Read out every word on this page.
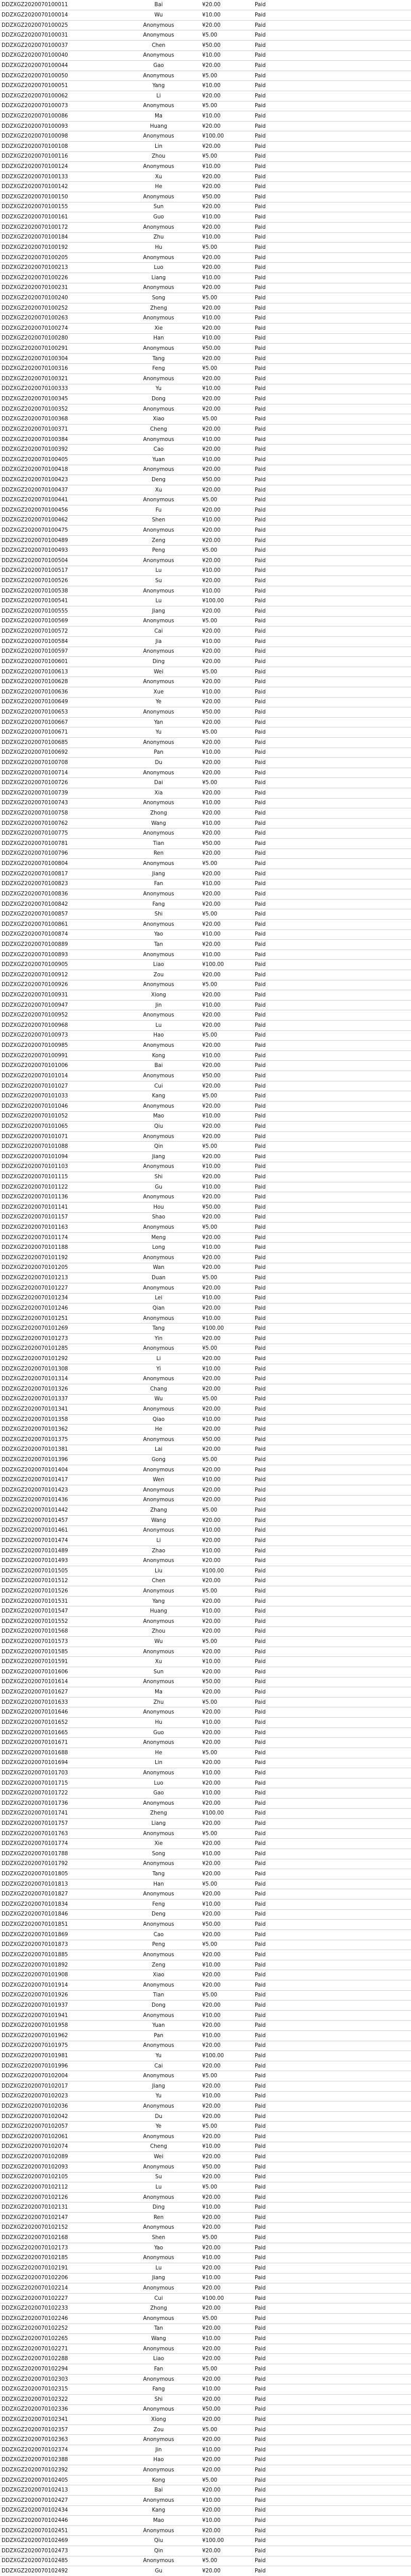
DDZXGZ2020070100011	Bai	¥20.00	Paid
DDZXGZ2020070100014	Wu	¥10.00	Paid
DDZXGZ2020070100025	Anonymous	¥20.00	Paid
DDZXGZ2020070100031	Anonymous	¥5.00	Paid
DDZXGZ2020070100037	Chen	¥50.00	Paid
DDZXGZ2020070100040	Anonymous	¥10.00	Paid
DDZXGZ2020070100044	Gao	¥20.00	Paid
DDZXGZ2020070100050	Anonymous	¥5.00	Paid
DDZXGZ2020070100051	Yang	¥10.00	Paid
DDZXGZ2020070100062	Li	¥20.00	Paid
DDZXGZ2020070100073	Anonymous	¥5.00	Paid
DDZXGZ2020070100086	Ma	¥10.00	Paid
DDZXGZ2020070100093	Huang	¥20.00	Paid
DDZXGZ2020070100098	Anonymous	¥100.00	Paid
DDZXGZ2020070100108	Lin	¥20.00	Paid
DDZXGZ2020070100116	Zhou	¥5.00	Paid
DDZXGZ2020070100124	Anonymous	¥10.00	Paid
DDZXGZ2020070100133	Xu	¥20.00	Paid
DDZXGZ2020070100142	He	¥20.00	Paid
DDZXGZ2020070100150	Anonymous	¥50.00	Paid
DDZXGZ2020070100155	Sun	¥20.00	Paid
DDZXGZ2020070100161	Guo	¥10.00	Paid
DDZXGZ2020070100172	Anonymous	¥20.00	Paid
DDZXGZ2020070100184	Zhu	¥10.00	Paid
DDZXGZ2020070100192	Hu	¥5.00	Paid
DDZXGZ2020070100205	Anonymous	¥20.00	Paid
DDZXGZ2020070100213	Luo	¥20.00	Paid
DDZXGZ2020070100226	Liang	¥10.00	Paid
DDZXGZ2020070100231	Anonymous	¥20.00	Paid
DDZXGZ2020070100240	Song	¥5.00	Paid
DDZXGZ2020070100252	Zheng	¥20.00	Paid
DDZXGZ2020070100263	Anonymous	¥10.00	Paid
DDZXGZ2020070100274	Xie	¥20.00	Paid
DDZXGZ2020070100280	Han	¥10.00	Paid
DDZXGZ2020070100291	Anonymous	¥50.00	Paid
DDZXGZ2020070100304	Tang	¥20.00	Paid
DDZXGZ2020070100316	Feng	¥5.00	Paid
DDZXGZ2020070100321	Anonymous	¥20.00	Paid
DDZXGZ2020070100333	Yu	¥10.00	Paid
DDZXGZ2020070100345	Dong	¥20.00	Paid
DDZXGZ2020070100352	Anonymous	¥20.00	Paid
DDZXGZ2020070100368	Xiao	¥5.00	Paid
DDZXGZ2020070100371	Cheng	¥20.00	Paid
DDZXGZ2020070100384	Anonymous	¥10.00	Paid
DDZXGZ2020070100392	Cao	¥20.00	Paid
DDZXGZ2020070100405	Yuan	¥10.00	Paid
DDZXGZ2020070100418	Anonymous	¥20.00	Paid
DDZXGZ2020070100423	Deng	¥50.00	Paid
DDZXGZ2020070100437	Xu	¥20.00	Paid
DDZXGZ2020070100441	Anonymous	¥5.00	Paid
DDZXGZ2020070100456	Fu	¥20.00	Paid
DDZXGZ2020070100462	Shen	¥10.00	Paid
DDZXGZ2020070100475	Anonymous	¥20.00	Paid
DDZXGZ2020070100489	Zeng	¥20.00	Paid
DDZXGZ2020070100493	Peng	¥5.00	Paid
DDZXGZ2020070100504	Anonymous	¥20.00	Paid
DDZXGZ2020070100517	Lu	¥10.00	Paid
DDZXGZ2020070100526	Su	¥20.00	Paid
DDZXGZ2020070100538	Anonymous	¥10.00	Paid
DDZXGZ2020070100541	Lu	¥100.00	Paid
DDZXGZ2020070100555	Jiang	¥20.00	Paid
DDZXGZ2020070100569	Anonymous	¥5.00	Paid
DDZXGZ2020070100572	Cai	¥20.00	Paid
DDZXGZ2020070100584	Jia	¥10.00	Paid
DDZXGZ2020070100597	Anonymous	¥20.00	Paid
DDZXGZ2020070100601	Ding	¥20.00	Paid
DDZXGZ2020070100613	Wei	¥5.00	Paid
DDZXGZ2020070100628	Anonymous	¥20.00	Paid
DDZXGZ2020070100636	Xue	¥10.00	Paid
DDZXGZ2020070100649	Ye	¥20.00	Paid
DDZXGZ2020070100653	Anonymous	¥50.00	Paid
DDZXGZ2020070100667	Yan	¥20.00	Paid
DDZXGZ2020070100671	Yu	¥5.00	Paid
DDZXGZ2020070100685	Anonymous	¥20.00	Paid
DDZXGZ2020070100692	Pan	¥10.00	Paid
DDZXGZ2020070100708	Du	¥20.00	Paid
DDZXGZ2020070100714	Anonymous	¥20.00	Paid
DDZXGZ2020070100726	Dai	¥5.00	Paid
DDZXGZ2020070100739	Xia	¥20.00	Paid
DDZXGZ2020070100743	Anonymous	¥10.00	Paid
DDZXGZ2020070100758	Zhong	¥20.00	Paid
DDZXGZ2020070100762	Wang	¥10.00	Paid
DDZXGZ2020070100775	Anonymous	¥20.00	Paid
DDZXGZ2020070100781	Tian	¥50.00	Paid
DDZXGZ2020070100796	Ren	¥20.00	Paid
DDZXGZ2020070100804	Anonymous	¥5.00	Paid
DDZXGZ2020070100817	Jiang	¥20.00	Paid
DDZXGZ2020070100823	Fan	¥10.00	Paid
DDZXGZ2020070100836	Anonymous	¥20.00	Paid
DDZXGZ2020070100842	Fang	¥20.00	Paid
DDZXGZ2020070100857	Shi	¥5.00	Paid
DDZXGZ2020070100861	Anonymous	¥20.00	Paid
DDZXGZ2020070100874	Yao	¥10.00	Paid
DDZXGZ2020070100889	Tan	¥20.00	Paid
DDZXGZ2020070100893	Anonymous	¥10.00	Paid
DDZXGZ2020070100905	Liao	¥100.00	Paid
DDZXGZ2020070100912	Zou	¥20.00	Paid
DDZXGZ2020070100926	Anonymous	¥5.00	Paid
DDZXGZ2020070100931	Xiong	¥20.00	Paid
DDZXGZ2020070100947	Jin	¥10.00	Paid
DDZXGZ2020070100952	Anonymous	¥20.00	Paid
DDZXGZ2020070100968	Lu	¥20.00	Paid
DDZXGZ2020070100973	Hao	¥5.00	Paid
DDZXGZ2020070100985	Anonymous	¥20.00	Paid
DDZXGZ2020070100991	Kong	¥10.00	Paid
DDZXGZ2020070101006	Bai	¥20.00	Paid
DDZXGZ2020070101014	Anonymous	¥50.00	Paid
DDZXGZ2020070101027	Cui	¥20.00	Paid
DDZXGZ2020070101033	Kang	¥5.00	Paid
DDZXGZ2020070101046	Anonymous	¥20.00	Paid
DDZXGZ2020070101052	Mao	¥10.00	Paid
DDZXGZ2020070101065	Qiu	¥20.00	Paid
DDZXGZ2020070101071	Anonymous	¥20.00	Paid
DDZXGZ2020070101088	Qin	¥5.00	Paid
DDZXGZ2020070101094	Jiang	¥20.00	Paid
DDZXGZ2020070101103	Anonymous	¥10.00	Paid
DDZXGZ2020070101115	Shi	¥20.00	Paid
DDZXGZ2020070101122	Gu	¥10.00	Paid
DDZXGZ2020070101136	Anonymous	¥20.00	Paid
DDZXGZ2020070101141	Hou	¥50.00	Paid
DDZXGZ2020070101157	Shao	¥20.00	Paid
DDZXGZ2020070101163	Anonymous	¥5.00	Paid
DDZXGZ2020070101174	Meng	¥20.00	Paid
DDZXGZ2020070101188	Long	¥10.00	Paid
DDZXGZ2020070101192	Anonymous	¥20.00	Paid
DDZXGZ2020070101205	Wan	¥20.00	Paid
DDZXGZ2020070101213	Duan	¥5.00	Paid
DDZXGZ2020070101227	Anonymous	¥20.00	Paid
DDZXGZ2020070101234	Lei	¥10.00	Paid
DDZXGZ2020070101246	Qian	¥20.00	Paid
DDZXGZ2020070101251	Anonymous	¥10.00	Paid
DDZXGZ2020070101269	Tang	¥100.00	Paid
DDZXGZ2020070101273	Yin	¥20.00	Paid
DDZXGZ2020070101285	Anonymous	¥5.00	Paid
DDZXGZ2020070101292	Li	¥20.00	Paid
DDZXGZ2020070101308	Yi	¥10.00	Paid
DDZXGZ2020070101314	Anonymous	¥20.00	Paid
DDZXGZ2020070101326	Chang	¥20.00	Paid
DDZXGZ2020070101337	Wu	¥5.00	Paid
DDZXGZ2020070101341	Anonymous	¥20.00	Paid
DDZXGZ2020070101358	Qiao	¥10.00	Paid
DDZXGZ2020070101362	He	¥20.00	Paid
DDZXGZ2020070101375	Anonymous	¥50.00	Paid
DDZXGZ2020070101381	Lai	¥20.00	Paid
DDZXGZ2020070101396	Gong	¥5.00	Paid
DDZXGZ2020070101404	Anonymous	¥20.00	Paid
DDZXGZ2020070101417	Wen	¥10.00	Paid
DDZXGZ2020070101423	Anonymous	¥20.00	Paid
DDZXGZ2020070101436	Anonymous	¥20.00	Paid
DDZXGZ2020070101442	Zhang	¥5.00	Paid
DDZXGZ2020070101457	Wang	¥20.00	Paid
DDZXGZ2020070101461	Anonymous	¥10.00	Paid
DDZXGZ2020070101474	Li	¥20.00	Paid
DDZXGZ2020070101489	Zhao	¥10.00	Paid
DDZXGZ2020070101493	Anonymous	¥20.00	Paid
DDZXGZ2020070101505	Liu	¥100.00	Paid
DDZXGZ2020070101512	Chen	¥20.00	Paid
DDZXGZ2020070101526	Anonymous	¥5.00	Paid
DDZXGZ2020070101531	Yang	¥20.00	Paid
DDZXGZ2020070101547	Huang	¥10.00	Paid
DDZXGZ2020070101552	Anonymous	¥20.00	Paid
DDZXGZ2020070101568	Zhou	¥20.00	Paid
DDZXGZ2020070101573	Wu	¥5.00	Paid
DDZXGZ2020070101585	Anonymous	¥20.00	Paid
DDZXGZ2020070101591	Xu	¥10.00	Paid
DDZXGZ2020070101606	Sun	¥20.00	Paid
DDZXGZ2020070101614	Anonymous	¥50.00	Paid
DDZXGZ2020070101627	Ma	¥20.00	Paid
DDZXGZ2020070101633	Zhu	¥5.00	Paid
DDZXGZ2020070101646	Anonymous	¥20.00	Paid
DDZXGZ2020070101652	Hu	¥10.00	Paid
DDZXGZ2020070101665	Guo	¥20.00	Paid
DDZXGZ2020070101671	Anonymous	¥20.00	Paid
DDZXGZ2020070101688	He	¥5.00	Paid
DDZXGZ2020070101694	Lin	¥20.00	Paid
DDZXGZ2020070101703	Anonymous	¥10.00	Paid
DDZXGZ2020070101715	Luo	¥20.00	Paid
DDZXGZ2020070101722	Gao	¥10.00	Paid
DDZXGZ2020070101736	Anonymous	¥20.00	Paid
DDZXGZ2020070101741	Zheng	¥100.00	Paid
DDZXGZ2020070101757	Liang	¥20.00	Paid
DDZXGZ2020070101763	Anonymous	¥5.00	Paid
DDZXGZ2020070101774	Xie	¥20.00	Paid
DDZXGZ2020070101788	Song	¥10.00	Paid
DDZXGZ2020070101792	Anonymous	¥20.00	Paid
DDZXGZ2020070101805	Tang	¥20.00	Paid
DDZXGZ2020070101813	Han	¥5.00	Paid
DDZXGZ2020070101827	Anonymous	¥20.00	Paid
DDZXGZ2020070101834	Feng	¥10.00	Paid
DDZXGZ2020070101846	Deng	¥20.00	Paid
DDZXGZ2020070101851	Anonymous	¥50.00	Paid
DDZXGZ2020070101869	Cao	¥20.00	Paid
DDZXGZ2020070101873	Peng	¥5.00	Paid
DDZXGZ2020070101885	Anonymous	¥20.00	Paid
DDZXGZ2020070101892	Zeng	¥10.00	Paid
DDZXGZ2020070101908	Xiao	¥20.00	Paid
DDZXGZ2020070101914	Anonymous	¥20.00	Paid
DDZXGZ2020070101926	Tian	¥5.00	Paid
DDZXGZ2020070101937	Dong	¥20.00	Paid
DDZXGZ2020070101941	Anonymous	¥10.00	Paid
DDZXGZ2020070101958	Yuan	¥20.00	Paid
DDZXGZ2020070101962	Pan	¥10.00	Paid
DDZXGZ2020070101975	Anonymous	¥20.00	Paid
DDZXGZ2020070101981	Yu	¥100.00	Paid
DDZXGZ2020070101996	Cai	¥20.00	Paid
DDZXGZ2020070102004	Anonymous	¥5.00	Paid
DDZXGZ2020070102017	Jiang	¥20.00	Paid
DDZXGZ2020070102023	Yu	¥10.00	Paid
DDZXGZ2020070102036	Anonymous	¥20.00	Paid
DDZXGZ2020070102042	Du	¥20.00	Paid
DDZXGZ2020070102057	Ye	¥5.00	Paid
DDZXGZ2020070102061	Anonymous	¥20.00	Paid
DDZXGZ2020070102074	Cheng	¥10.00	Paid
DDZXGZ2020070102089	Wei	¥20.00	Paid
DDZXGZ2020070102093	Anonymous	¥50.00	Paid
DDZXGZ2020070102105	Su	¥20.00	Paid
DDZXGZ2020070102112	Lu	¥5.00	Paid
DDZXGZ2020070102126	Anonymous	¥20.00	Paid
DDZXGZ2020070102131	Ding	¥10.00	Paid
DDZXGZ2020070102147	Ren	¥20.00	Paid
DDZXGZ2020070102152	Anonymous	¥20.00	Paid
DDZXGZ2020070102168	Shen	¥5.00	Paid
DDZXGZ2020070102173	Yao	¥20.00	Paid
DDZXGZ2020070102185	Anonymous	¥10.00	Paid
DDZXGZ2020070102191	Lu	¥20.00	Paid
DDZXGZ2020070102206	Jiang	¥10.00	Paid
DDZXGZ2020070102214	Anonymous	¥20.00	Paid
DDZXGZ2020070102227	Cui	¥100.00	Paid
DDZXGZ2020070102233	Zhong	¥20.00	Paid
DDZXGZ2020070102246	Anonymous	¥5.00	Paid
DDZXGZ2020070102252	Tan	¥20.00	Paid
DDZXGZ2020070102265	Wang	¥10.00	Paid
DDZXGZ2020070102271	Anonymous	¥20.00	Paid
DDZXGZ2020070102288	Liao	¥20.00	Paid
DDZXGZ2020070102294	Fan	¥5.00	Paid
DDZXGZ2020070102303	Anonymous	¥20.00	Paid
DDZXGZ2020070102315	Fang	¥10.00	Paid
DDZXGZ2020070102322	Shi	¥20.00	Paid
DDZXGZ2020070102336	Anonymous	¥50.00	Paid
DDZXGZ2020070102341	Xiong	¥20.00	Paid
DDZXGZ2020070102357	Zou	¥5.00	Paid
DDZXGZ2020070102363	Anonymous	¥20.00	Paid
DDZXGZ2020070102374	Jin	¥10.00	Paid
DDZXGZ2020070102388	Hao	¥20.00	Paid
DDZXGZ2020070102392	Anonymous	¥20.00	Paid
DDZXGZ2020070102405	Kong	¥5.00	Paid
DDZXGZ2020070102413	Bai	¥20.00	Paid
DDZXGZ2020070102427	Anonymous	¥10.00	Paid
DDZXGZ2020070102434	Kang	¥20.00	Paid
DDZXGZ2020070102446	Mao	¥10.00	Paid
DDZXGZ2020070102451	Anonymous	¥20.00	Paid
DDZXGZ2020070102469	Qiu	¥100.00	Paid
DDZXGZ2020070102473	Qin	¥20.00	Paid
DDZXGZ2020070102485	Anonymous	¥5.00	Paid
DDZXGZ2020070102492	Gu	¥20.00	Paid
